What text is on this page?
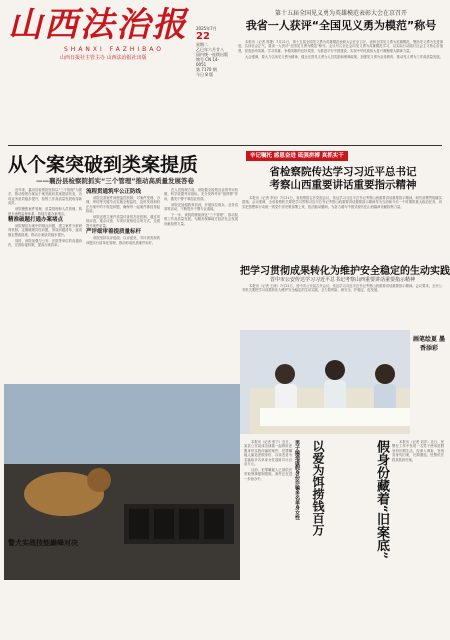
山西法治报
SHANXI FAZHIBAO
山西日报社主管主办 山西法治报社出版
2025年7月
22
星期二
乙巳年六月廿八
国内统一连续出版物号 CN 14-0051
第 7170 期
今日 8 版
第十五届全国见义勇为英雄模范表彰大会在京召开
我省一人获评“全国见义勇为模范”称号

本报讯（记者 郭蕾）7月21日，第十五届全国见义勇为英雄模范表彰大会在京召开，表彰全国见义勇为英雄模范，褒扬见义勇为先进事迹，弘扬社会正气。我省一人获评“全国见义勇为模范”称号。会议号召全社会向见义勇为英雄模范学习，以实际行动践行社会主义核心价值观，营造崇尚英雄、学习英雄、争做英雄的良好氛围，为推进平安中国建设、实现中华民族伟大复兴凝聚强大精神力量。

大会强调，要大力弘扬见义勇为精神，健全完善见义勇为人员奖励和保障政策，加强见义勇为宣传教育，推动见义勇为工作高质量发展。

从个案突破到类案提质
——襄汾县检察院抓实“三个管理”推动高质量发展答卷

近年来，襄汾县检察院坚持以“三个管理”为抓手，推动检察办案从个案突破向类案提质转变，各项业务质效稳步提升，检察工作高质量发展取得新成效。

该院聚焦案件管理、质量管理和人员管理，构建全流程监督体系，持续打通办案堵点。

精准破题打通办案堵点

该院紧盯办案中的难点问题，建立案件分析研判机制，定期梳理共性问题，形成问题清单，逐项制定整改措施，推动办案质效稳步提升。

同时，该院加强与公安、法院等单位的沟通协作，完善衔接机制，提高办案效率。

流程贯通筑牢公正防线

该院完善案件流程监控机制，对案件受理、办理、审结等关键节点实施全程监控，及时发现和纠正办案中的不规范问题，确保每一起案件都经得起检验。

该院还建立案件质量评查常态化机制，通过常规评查、重点评查、专项评查相结合的方式，全面提升案件质量。

严评细审着提质量标杆

该院坚持以评促改、以评促优，对评查发现的问题实行清单化管理，推动形成优质案件标杆。

在人员管理方面，该院健全检察官业绩考评机制，科学设置考评指标，充分发挥考评“指挥棒”作用，激发干警干事创业热情。

该院还加强教育培训，开展岗位练兵、业务竞赛等活动，不断提升干警专业素能。

下一步，该院将继续深化“三个管理”，推动检察工作高质量发展，为服务保障地方经济社会发展贡献检察力量。

辛记嘱托 感恩奋进 砥强拼搏 真抓实干
省检察院传达学习习近平总书记
考察山西重要讲话重要指示精神

本报讯（记者 李钊）7月21日，省检察院召开党组会议，传达学习习近平总书记考察山西重要讲话重要指示精神，研究部署贯彻落实措施。会议强调，全省检察机关要把学习贯彻习近平总书记考察山西重要讲话重要指示精神作为当前和今后一个时期的重大政治任务，切实把思想和行动统一到党中央决策部署上来，依法能动履职，为奋力谱写中国式现代化山西篇章贡献检察力量。

把学习贯彻成果转化为维护安全稳定的生动实践
晋中市公安传达学习习近平总书记考察山西重要讲话重要指示精神

本报讯（记者 王涛）7月21日，晋中市公安局召开会议，传达学习习近平总书记考察山西重要讲话重要指示精神。会议要求，全市公安机关要把学习成果转化为维护安全稳定的生动实践，全力防风险、保安全、护稳定、促发展。

画笔绘夏 墨香添彩
警犬实战技能巅峰对决	假身份藏着“旧案底”
以爱为饵捞钱百万
男子编造虚假身份诈骗多名单身女性

本报讯（记者 张宁）近日，某县公安局成功侦破一起利用虚假身份实施诈骗的案件，犯罪嫌疑人编造虚假身份，以谈恋爱为名骗取多名单身女性钱财共计百余万元。

目前，犯罪嫌疑人已被依法采取刑事强制措施，案件正在进一步侦办中。

本报讯（记者 刘洋）近日，民警在工作中发现一名男子使用虚假身份长期生活，经深入调查，发现其身负旧案，长期潜逃。民警依法将其抓获归案。
